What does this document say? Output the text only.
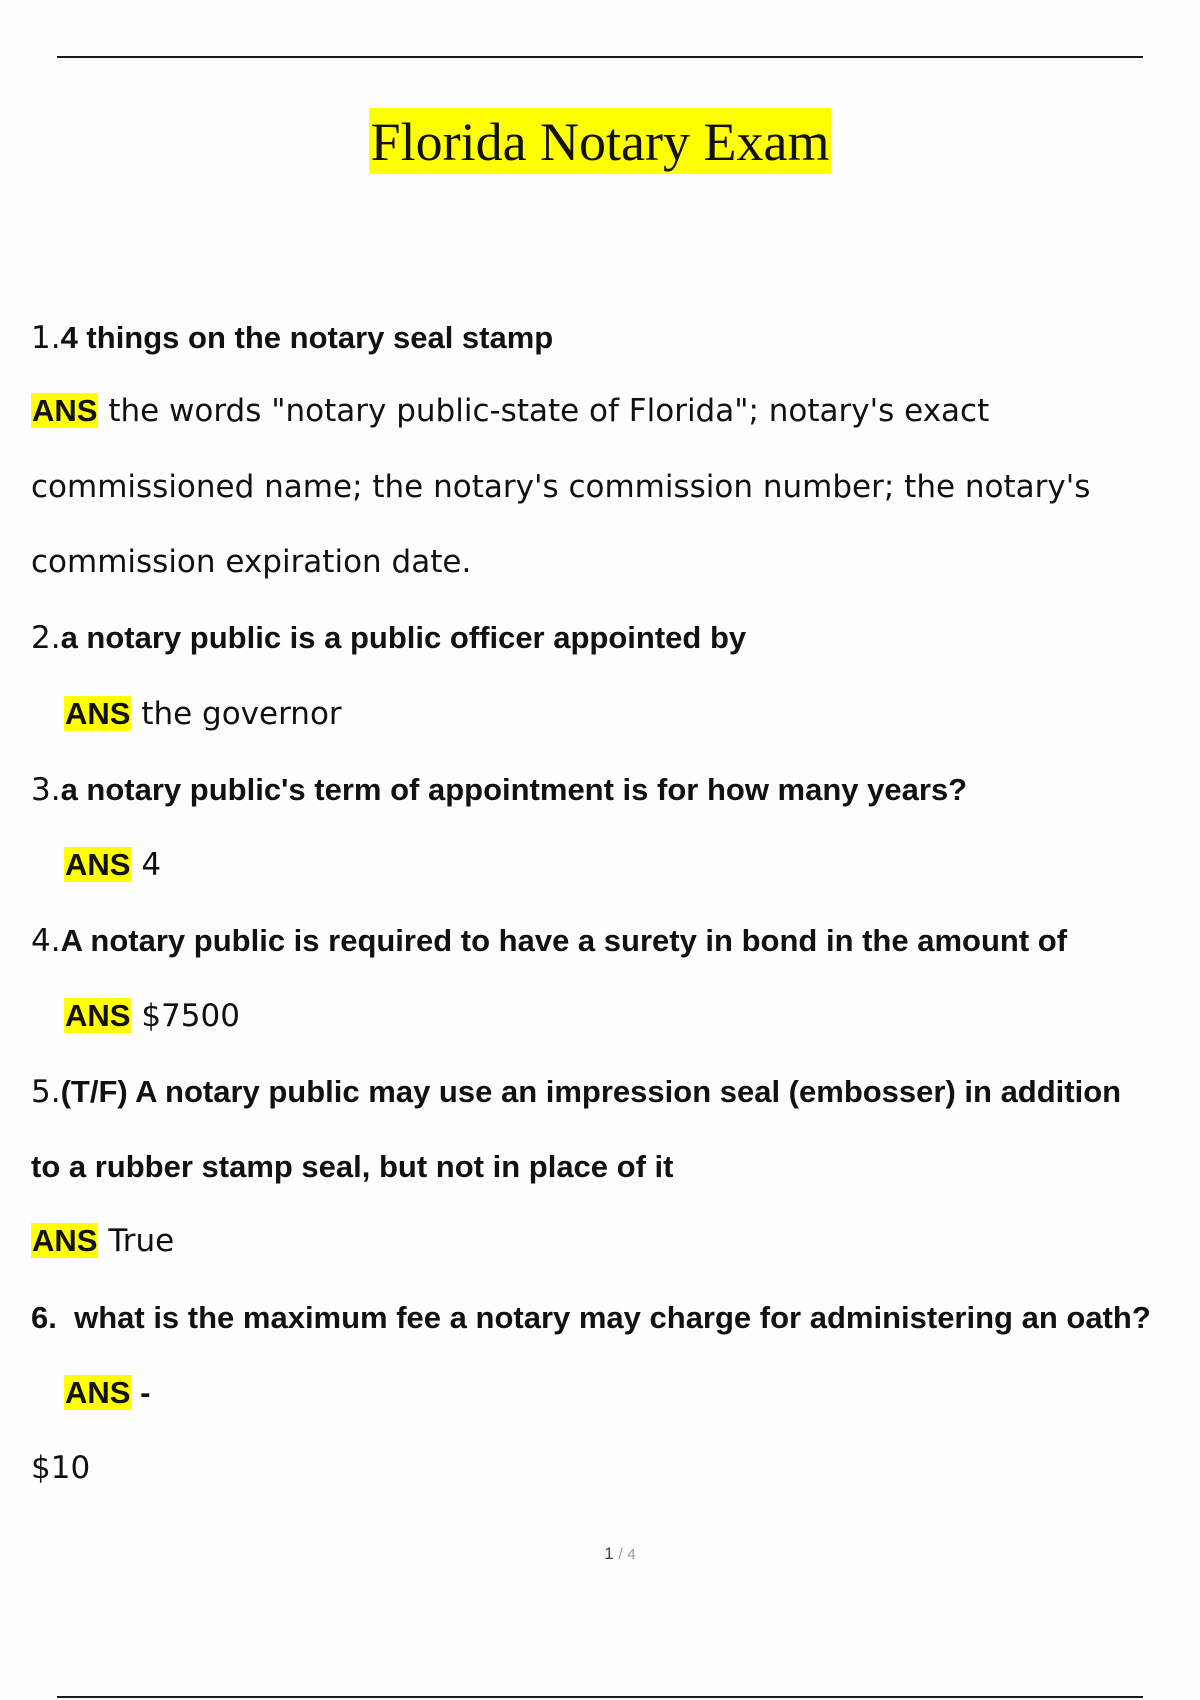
Florida Notary Exam
1.4 things on the notary seal stamp
ANS the words "notary public-state of Florida"; notary's exact
commissioned name; the notary's commission number; the notary's
commission expiration date.
2.a notary public is a public officer appointed by
ANS the governor
3.a notary public's term of appointment is for how many years?
ANS 4
4.A notary public is required to have a surety in bond in the amount of
ANS $7500
5.(T/F) A notary public may use an impression seal (embosser) in addition
to a rubber stamp seal, but not in place of it
ANS True
6. what is the maximum fee a notary may charge for administering an oath?
ANS -
$10
1 / 4
